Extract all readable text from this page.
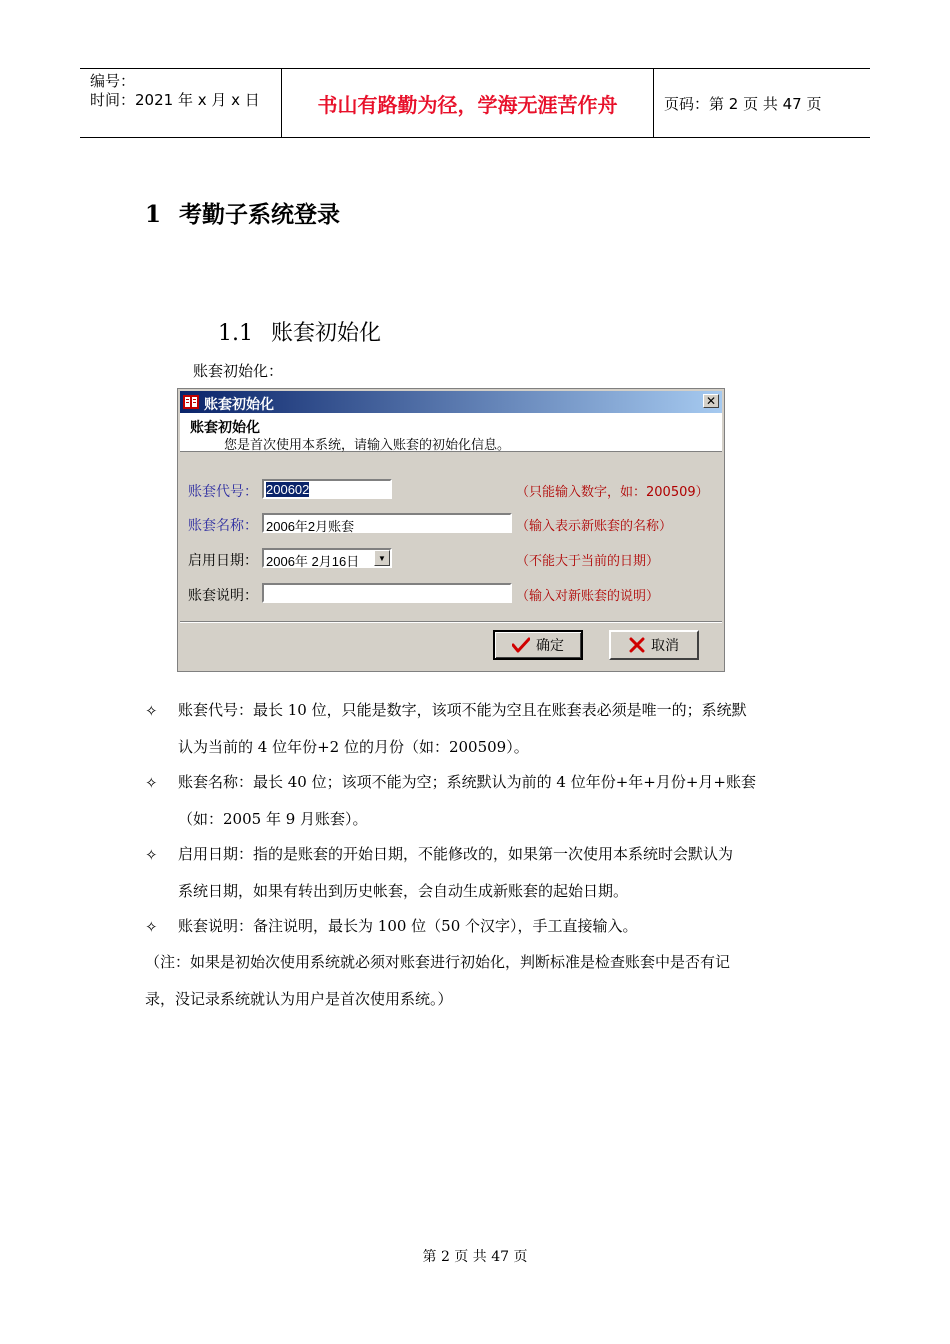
编号：
时间：2021 年 x 月 x 日	书山有路勤为径，学海无涯苦作舟	页码：第 2 页 共 47 页
1 考勤子系统登录
1.1 账套初始化
账套初始化：
账套初始化	✕
账套初始化
您是首次使用本系统，请输入账套的初始化信息。
账套代号： 200602	（只能输入数字，如：200509）
账套名称： 2006年2月账套	（输入表示新账套的名称）
启用日期： 2006年 2月16日	▼	（不能大于当前的日期）
账套说明：	（输入对新账套的说明）
确定	取消
✧ 账套代号：最长 10 位，只能是数字，该项不能为空且在账套表必须是唯一的；系统默
认为当前的 4 位年份+2 位的月份（如：200509）。
✧ 账套名称：最长 40 位；该项不能为空；系统默认为前的 4 位年份+年+月份+月+账套
（如：2005 年 9 月账套）。
✧ 启用日期：指的是账套的开始日期，不能修改的，如果第一次使用本系统时会默认为
系统日期，如果有转出到历史帐套，会自动生成新账套的起始日期。
✧ 账套说明：备注说明，最长为 100 位（50 个汉字），手工直接输入。
（注：如果是初始次使用系统就必须对账套进行初始化，判断标准是检查账套中是否有记
录，没记录系统就认为用户是首次使用系统。）
第 2 页 共 47 页
